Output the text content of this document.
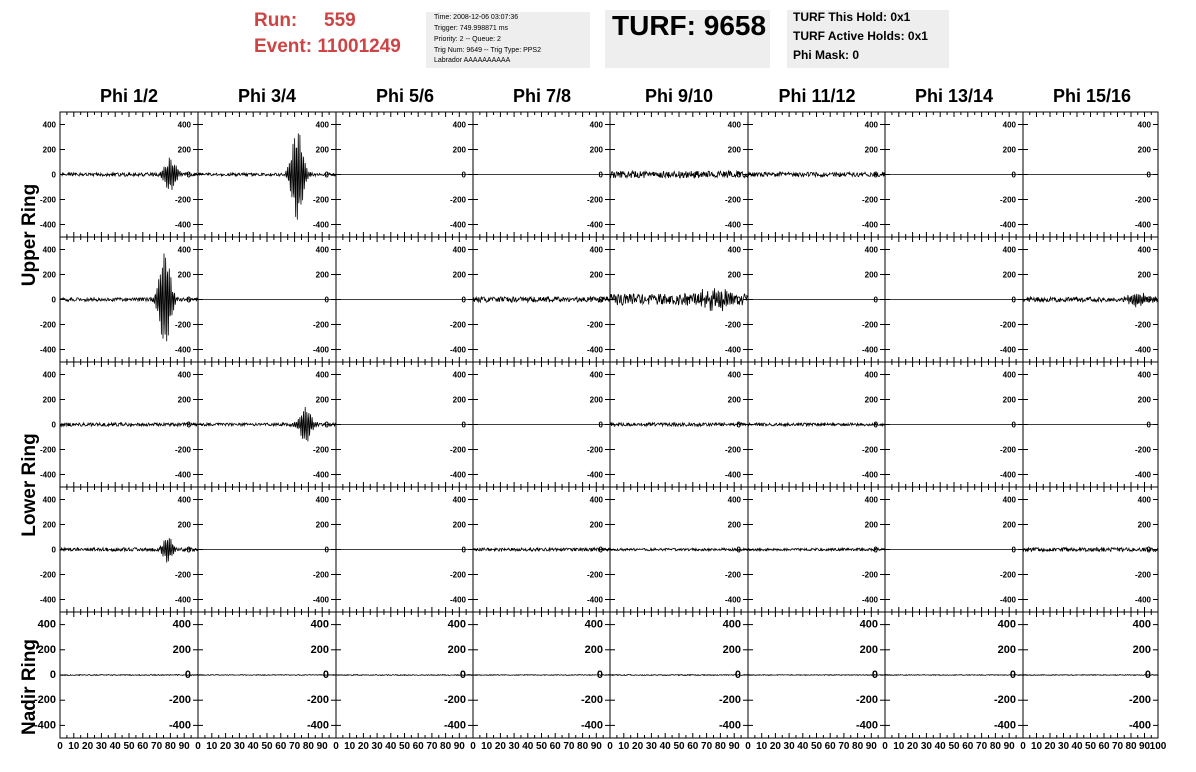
Run: 559
Event: 11001249
Time: 2008-12-06 03:07:36
Trigger: 749.998871 ms
Priority: 2 -- Queue: 2
Trig Num: 9649 -- Trig Type: PPS2
Labrador AAAAAAAAAA
TURF: 9658 TURF This Hold: 0x1
TURF Active Holds: 0x1
Phi Mask: 0
Phi 1/2	Phi 3/4	Phi 5/6	Phi 7/8	Phi 9/10	Phi 11/12	Phi 13/14	Phi 15/16
Upper Ring
Lower Ring
Nadir Ring
400
400
200
200
0
0
-200
-200
-400
-400
400
200
0
-200
-400
400
200
0
-200
-400
400
200
0
-200
-400
400
200
0
-200
-400
400
200
0
-200
-400
400
200
0
-200
-400
400
200
0
-200
-400
400
400
200
200
0
0
-200
-200
-400
-400
400
200
0
-200
-400
400
200
0
-200
-400
400
200
0
-200
-400
400
200
0
-200
-400
400
200
0
-200
-400
400
200
0
-200
-400
400
200
0
-200
-400
400
400
200
200
0
0
-200
-200
-400
-400
400
200
0
-200
-400
400
200
0
-200
-400
400
200
0
-200
-400
400
200
0
-200
-400
400
200
0
-200
-400
400
200
0
-200
-400
400
200
0
-200
-400
400
400
200
200
0
0
-200
-200
-400
-400
400
200
0
-200
-400
400
200
0
-200
-400
400
200
0
-200
-400
400
200
0
-200
-400
400
200
0
-200
-400
400
200
0
-200
-400
400
200
0
-200
-400
400
400
200
200
0
0
-200
-200
-400
-400
0 10 20 30 40 50 60 70 80 90
400
200
0
-200
-400
0 10 20 30 40 50 60 70 80 90
400
200
0
-200
-400
0 10 20 30 40 50 60 70 80 90
400
200
0
-200
-400
0 10 20 30 40 50 60 70 80 90
400
200
0
-200
-400
0 10 20 30 40 50 60 70 80 90
400
200
0
-200
-400
0 10 20 30 40 50 60 70 80 90
400
200
0
-200
-400
0 10 20 30 40 50 60 70 80 90
400
200
0
-200
-400
0 10 20 30 40 50 60 70 80 90 100
